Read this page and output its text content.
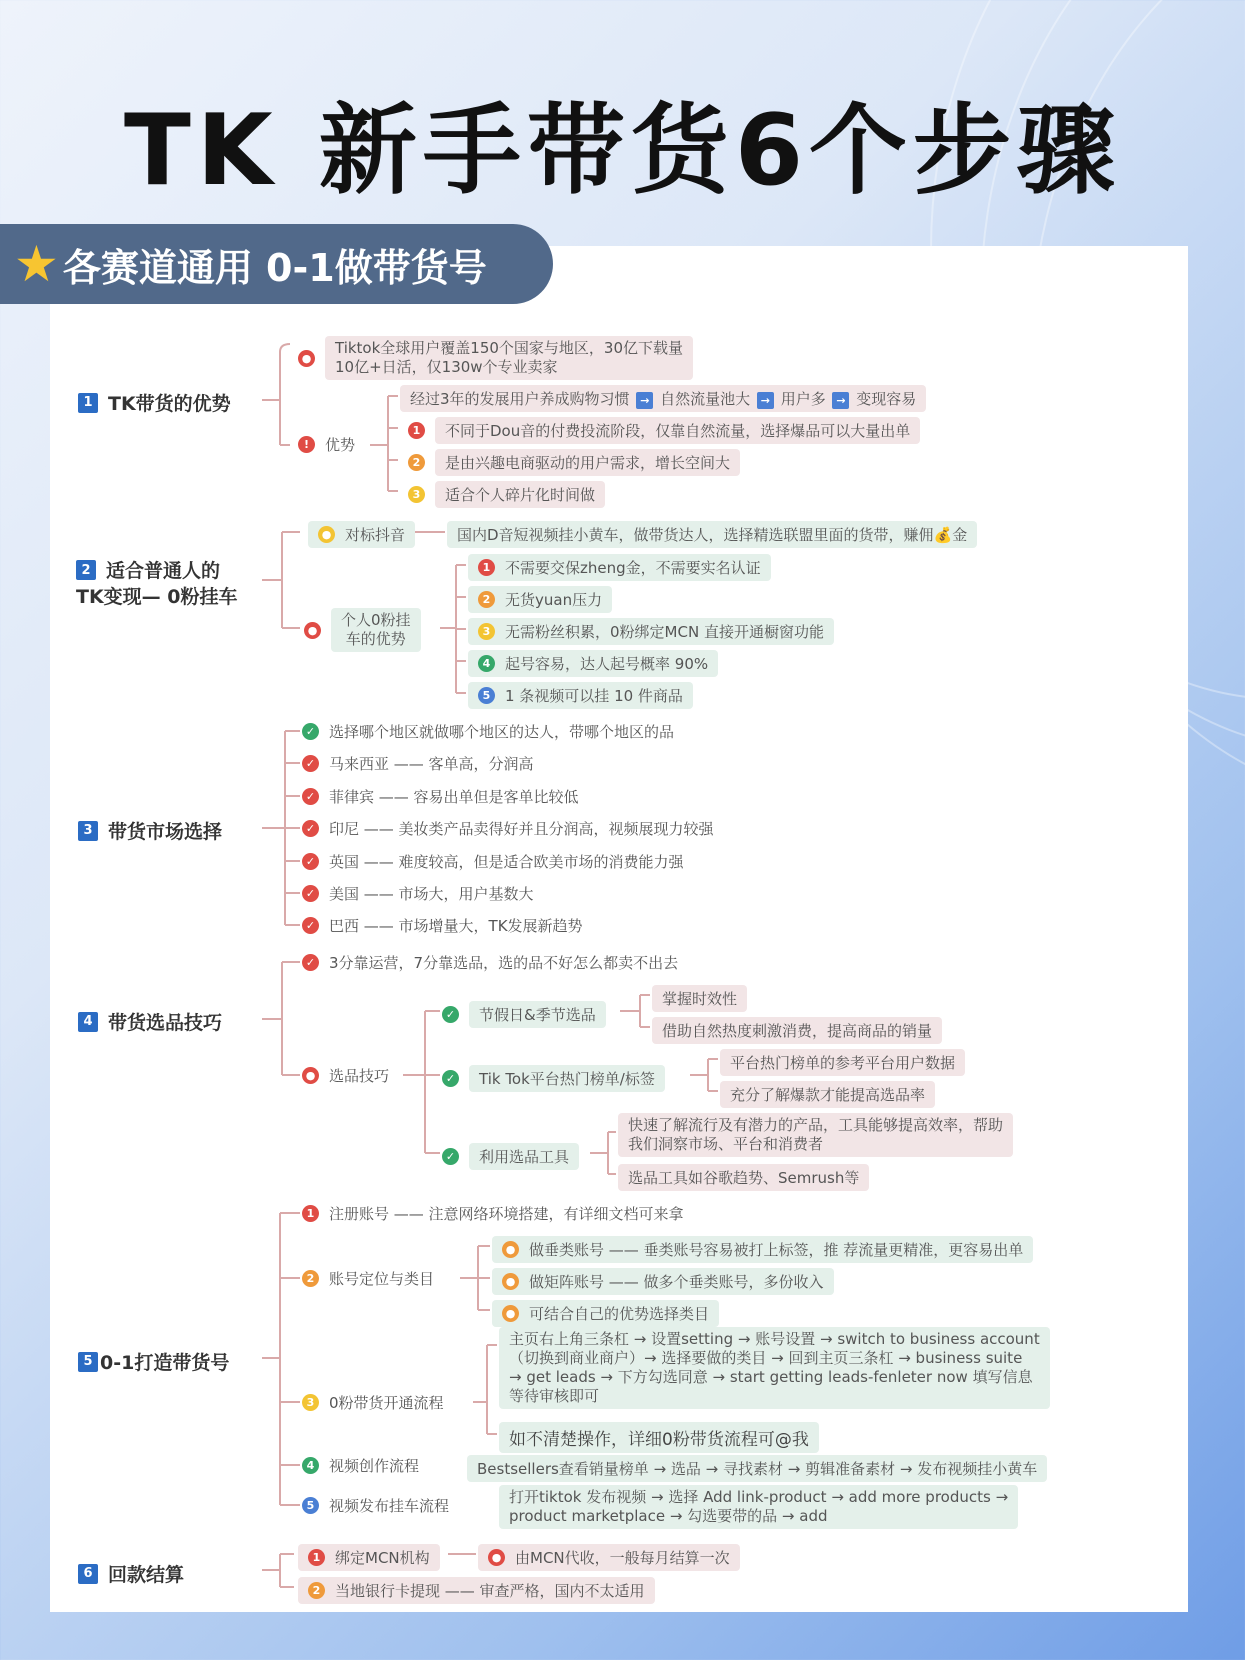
TK 新手带货6个步骤
★ 各赛道通用 0-1做带货号
1 TK带货的优势
●
Tiktok全球用户覆盖150个国家与地区，30亿下载量
10亿+日活，仅130w个专业卖家
!	优势
经过3年的发展用户养成购物习惯 → 自然流量池大 → 用户多 → 变现容易
1	不同于Dou音的付费投流阶段，仅靠自然流量，选择爆品可以大量出单
2	是由兴趣电商驱动的用户需求，增长空间大
3	适合个人碎片化时间做
2 适合普通人的
TK变现— 0粉挂车
● 对标抖音	国内D音短视频挂小黄车，做带货达人，选择精选联盟里面的货带，赚佣💰金
●
个人0粉挂
车的优势
1 不需要交保zheng金，不需要实名认证
2 无货yuan压力
3 无需粉丝积累，0粉绑定MCN 直接开通橱窗功能
4 起号容易，达人起号概率 90%
5 1 条视频可以挂 10 件商品
3 带货市场选择
✓ 选择哪个地区就做哪个地区的达人，带哪个地区的品
✓ 马来西亚 —— 客单高，分润高
✓ 菲律宾 —— 容易出单但是客单比较低
✓ 印尼 —— 美妆类产品卖得好并且分润高，视频展现力较强
✓ 英国 —— 难度较高，但是适合欧美市场的消费能力强
✓ 美国 —— 市场大，用户基数大
✓ 巴西 —— 市场增量大，TK发展新趋势
4 带货选品技巧
✓ 3分靠运营，7分靠选品，选的品不好怎么都卖不出去
● 选品技巧
✓	节假日&季节选品
掌握时效性
借助自然热度刺激消费，提高商品的销量
✓	Tik Tok平台热门榜单/标签
平台热门榜单的参考平台用户数据
充分了解爆款才能提高选品率
✓	利用选品工具
快速了解流行及有潜力的产品，工具能够提高效率，帮助
我们洞察市场、平台和消费者
选品工具如谷歌趋势、Semrush等
5 0-1打造带货号
1 注册账号 —— 注意网络环境搭建，有详细文档可来拿
2 账号定位与类目
● 做垂类账号 —— 垂类账号容易被打上标签，推 荐流量更精准，更容易出单
● 做矩阵账号 —— 做多个垂类账号，多份收入
● 可结合自己的优势选择类目
3 0粉带货开通流程
主页右上角三条杠 → 设置setting → 账号设置 → switch to business account
（切换到商业商户）→ 选择要做的类目 → 回到主页三条杠 → business suite
→ get leads → 下方勾选同意 → start getting leads-fenleter now 填写信息
等待审核即可
如不清楚操作，详细0粉带货流程可@我
4 视频创作流程	Bestsellers查看销量榜单 → 选品 → 寻找素材 → 剪辑准备素材 → 发布视频挂小黄车
5 视频发布挂车流程	打开tiktok 发布视频 → 选择 Add link-product → add more products →
product marketplace → 勾选要带的品 → add
6 回款结算
1 绑定MCN机构	● 由MCN代收，一般每月结算一次
2 当地银行卡提现 —— 审查严格，国内不太适用
